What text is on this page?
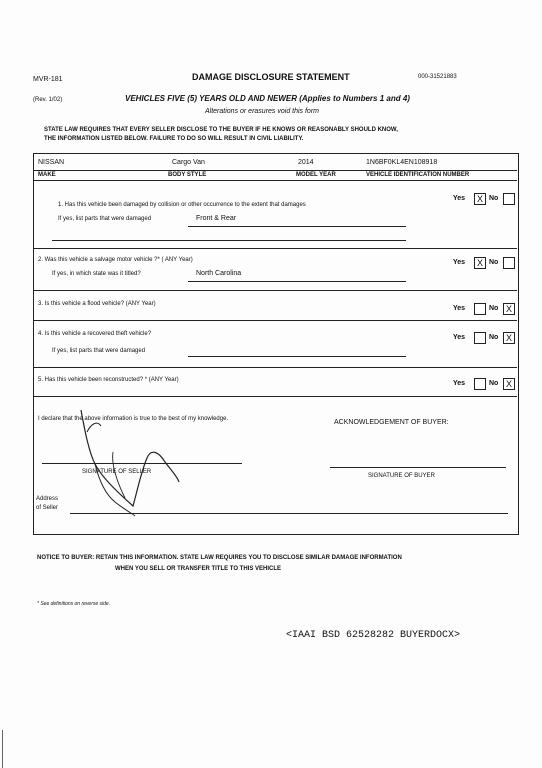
MVR-181
(Rev. 1/02)
DAMAGE DISCLOSURE STATEMENT	000-31521883
VEHICLES FIVE (5) YEARS OLD AND NEWER (Applies to Numbers 1 and 4)
Alterations or erasures void this form
STATE LAW REQUIRES THAT EVERY SELLER DISCLOSE TO THE BUYER IF HE KNOWS OR REASONABLY SHOULD KNOW,
THE INFORMATION LISTED BELOW. FAILURE TO DO SO WILL RESULT IN CIVIL LIABILITY.
NISSAN	Cargo Van	2014	1N6BF0KL4EN108918
MAKE	BODY STYLE	MODEL YEAR	VEHICLE IDENTIFICATION NUMBER
1. Has this vehicle been damaged by collision or other occurrence to the extent that damages
If yes, list parts that were damaged	Front & Rear
Yes	X No
2. Was this vehicle a salvage motor vehicle ?* ( ANY Year)
If yes, in which state was it titled?	North Carolina
Yes	X No
3. Is this vehicle a flood vehicle? (ANY Year)
Yes	No X
4. Is this vehicle a recovered theft vehicle?
If yes, list parts that were damaged
Yes	No X
5. Has this vehicle been reconstructed? * (ANY Year)	Yes	No X
I declare that the above information is true to the best of my knowledge.	ACKNOWLEDGEMENT OF BUYER:
SIGNATURE OF SELLER
SIGNATURE OF BUYER
Address
of Seller
NOTICE TO BUYER: RETAIN THIS INFORMATION. STATE LAW REQUIRES YOU TO DISCLOSE SIMILAR DAMAGE INFORMATION
WHEN YOU SELL OR TRANSFER TITLE TO THIS VEHICLE
* See definitions on reverse side.
<IAAI BSD 62528282 BUYERDOCX>
